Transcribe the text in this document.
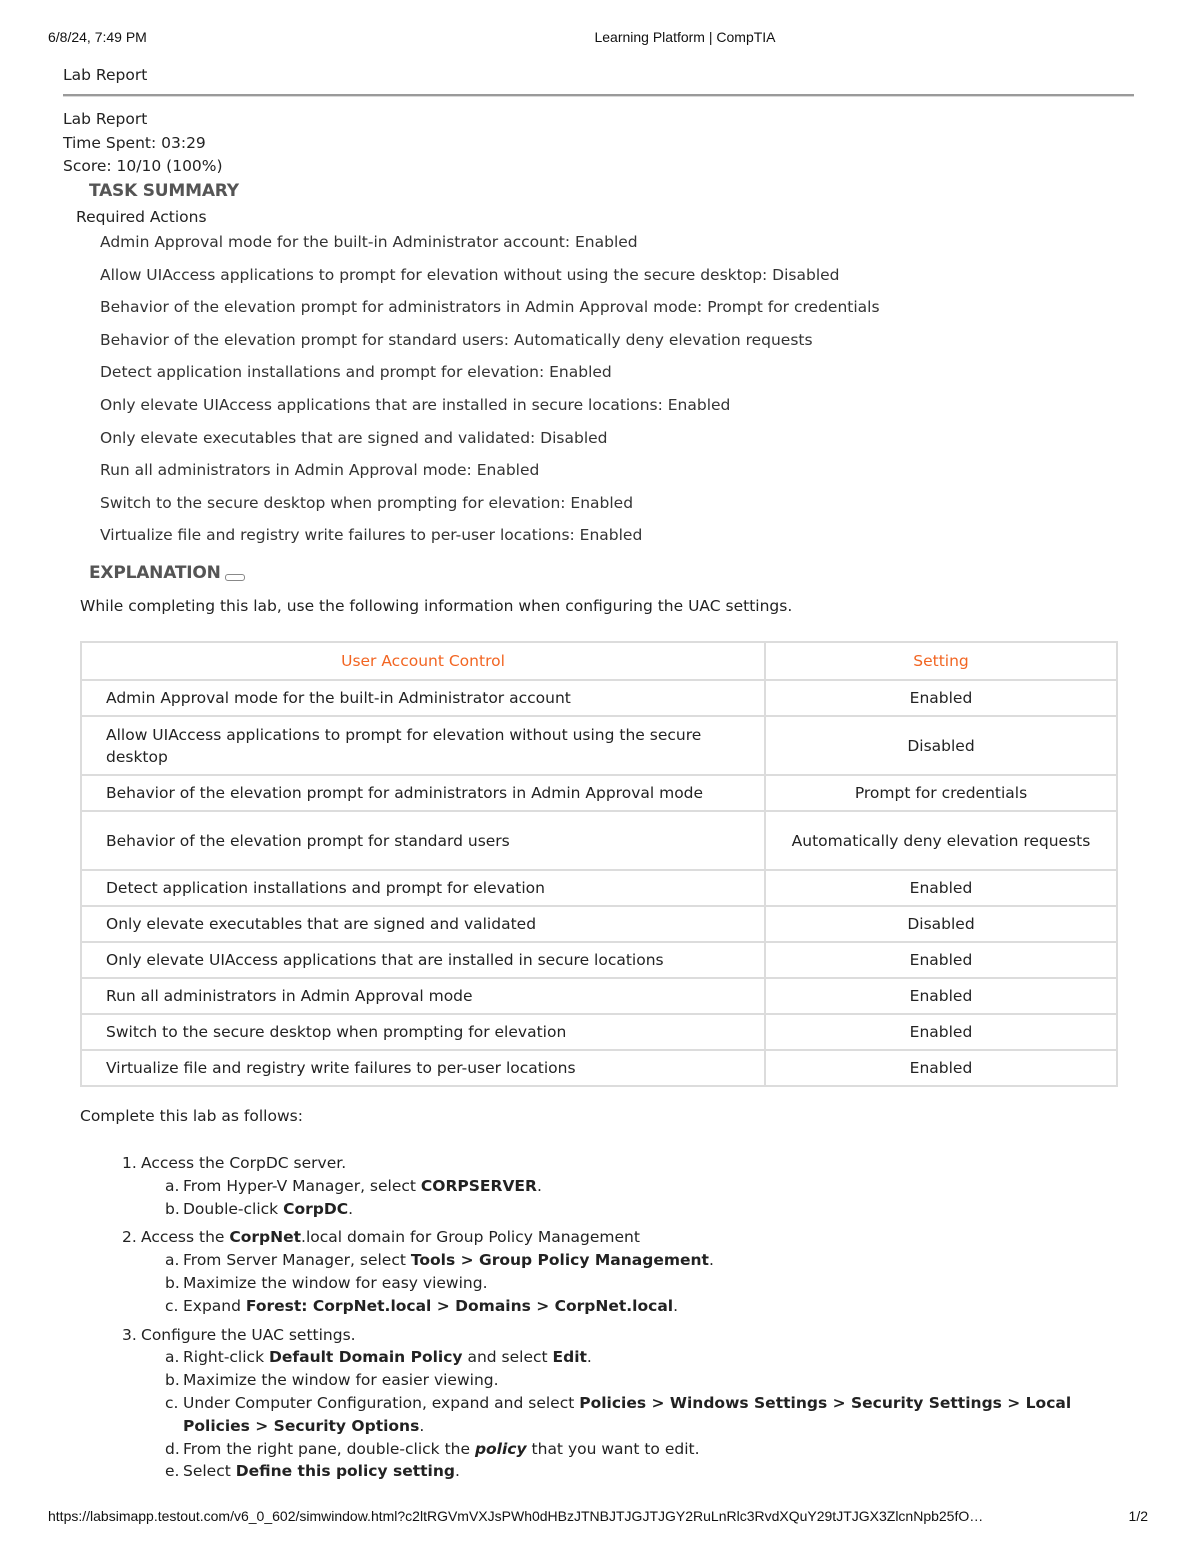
6/8/24, 7:49 PM	Learning Platform | CompTIA
Lab Report
Lab Report
Time Spent: 03:29
Score: 10/10 (100%)
TASK SUMMARY
Required Actions
Admin Approval mode for the built-in Administrator account: Enabled
Allow UIAccess applications to prompt for elevation without using the secure desktop: Disabled
Behavior of the elevation prompt for administrators in Admin Approval mode: Prompt for credentials
Behavior of the elevation prompt for standard users: Automatically deny elevation requests
Detect application installations and prompt for elevation: Enabled
Only elevate UIAccess applications that are installed in secure locations: Enabled
Only elevate executables that are signed and validated: Disabled
Run all administrators in Admin Approval mode: Enabled
Switch to the secure desktop when prompting for elevation: Enabled
Virtualize file and registry write failures to per-user locations: Enabled
EXPLANATION
While completing this lab, use the following information when configuring the UAC settings.
User Account Control	Setting
Admin Approval mode for the built-in Administrator account	Enabled
Allow UIAccess applications to prompt for elevation without using the secure desktop	Disabled
Behavior of the elevation prompt for administrators in Admin Approval mode	Prompt for credentials
Behavior of the elevation prompt for standard users	Automatically deny elevation requests
Detect application installations and prompt for elevation	Enabled
Only elevate executables that are signed and validated	Disabled
Only elevate UIAccess applications that are installed in secure locations	Enabled
Run all administrators in Admin Approval mode	Enabled
Switch to the secure desktop when prompting for elevation	Enabled
Virtualize file and registry write failures to per-user locations	Enabled
Complete this lab as follows:
1. Access the CorpDC server.
a. From Hyper-V Manager, select CORPSERVER.
b. Double-click CorpDC.
2. Access the CorpNet.local domain for Group Policy Management
a. From Server Manager, select Tools > Group Policy Management.
b. Maximize the window for easy viewing.
c. Expand Forest: CorpNet.local > Domains > CorpNet.local.
3. Configure the UAC settings.
a. Right-click Default Domain Policy and select Edit.
b. Maximize the window for easier viewing.
c. Under Computer Configuration, expand and select Policies > Windows Settings > Security Settings > Local Policies > Security Options.
d. From the right pane, double-click the policy that you want to edit.
e. Select Define this policy setting.
https://labsimapp.testout.com/v6_0_602/simwindow.html?c2ltRGVmVXJsPWh0dHBzJTNBJTJGJTJGY2RuLnRlc3RvdXQuY29tJTJGX3ZlcnNpb25fO…	1/2
